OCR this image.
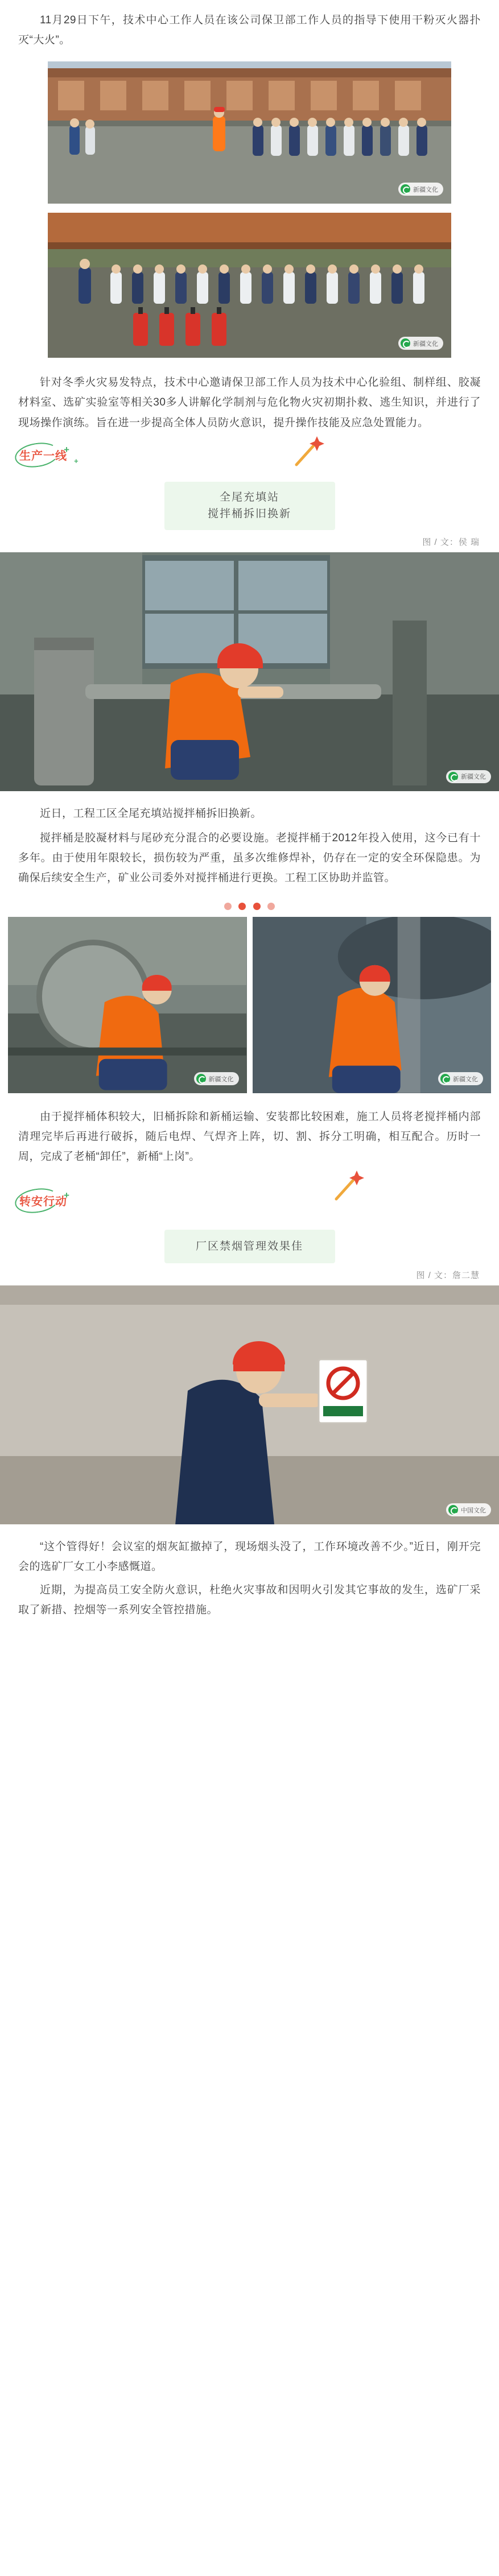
11月29日下午，技术中心工作人员在该公司保卫部工作人员的指导下使用干粉灭火器扑灭“大火”。

新疆文化
新疆文化

针对冬季火灾易发特点，技术中心邀请保卫部工作人员为技术中心化验组、制样组、胶凝材料室、选矿实验室等相关30多人讲解化学制剂与危化物火灾初期扑救、逃生知识，并进行了现场操作演练。旨在进一步提高全体人员防火意识，提升操作技能及应急处置能力。

生产一线
+
+
全尾充填站
搅拌桶拆旧换新
图 / 文：侯 瑞
新疆文化

近日，工程工区全尾充填站搅拌桶拆旧换新。

搅拌桶是胶凝材料与尾砂充分混合的必要设施。老搅拌桶于2012年投入使用，这今已有十多年。由于使用年限较长，损伤较为严重，虽多次维修焊补，仍存在一定的安全环保隐患。为确保后续安全生产，矿业公司委外对搅拌桶进行更换。工程工区协助并监管。

新疆文化	新疆文化

由于搅拌桶体积较大，旧桶拆除和新桶运输、安装都比较困难，施工人员将老搅拌桶内部清理完毕后再进行破拆，随后电焊、气焊齐上阵，切、割、拆分工明确，相互配合。历时一周，完成了老桶“卸任”，新桶“上岗”。

转安行动
+
厂区禁烟管理效果佳
图 / 文：詹二慧
中国文化

“这个管得好！会议室的烟灰缸撤掉了，现场烟头没了，工作环境改善不少。”近日，刚开完会的选矿厂女工小李感慨道。

近期，为提高员工安全防火意识，杜绝火灾事故和因明火引发其它事故的发生，选矿厂采取了新措、控烟等一系列安全管控措施。
